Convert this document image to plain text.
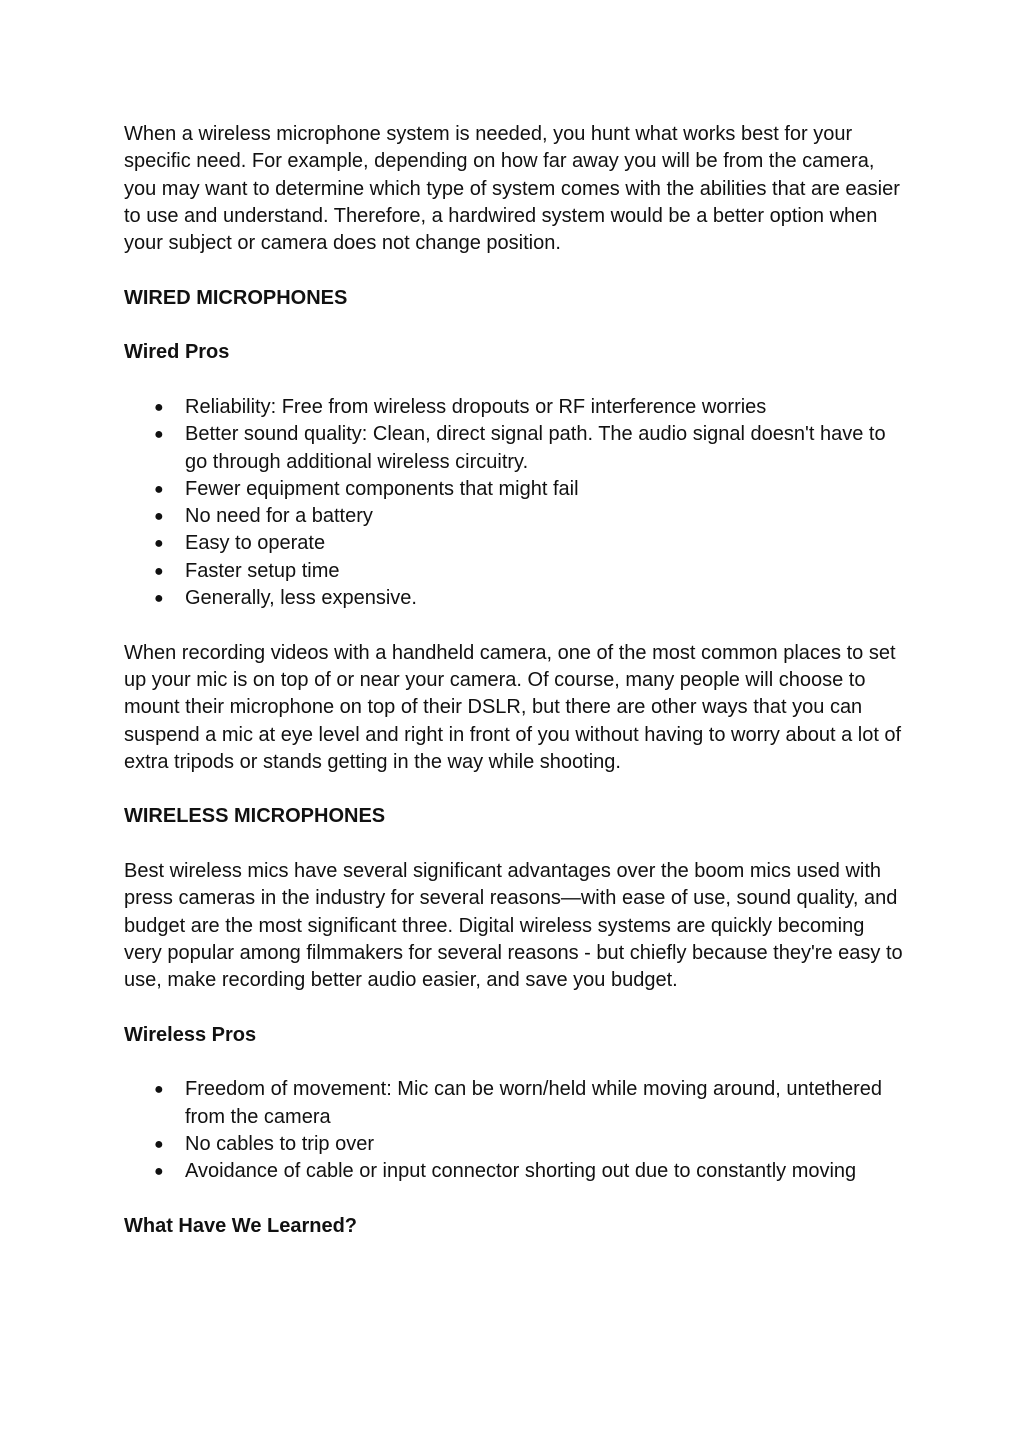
When a wireless microphone system is needed, you hunt what works best for your specific need. For example, depending on how far away you will be from the camera, you may want to determine which type of system comes with the abilities that are easier to use and understand. Therefore, a hardwired system would be a better option when your subject or camera does not change position.

WIRED MICROPHONES

Wired Pros

● Reliability: Free from wireless dropouts or RF interference worries
● Better sound quality: Clean, direct signal path. The audio signal doesn't have to go through additional wireless circuitry.
● Fewer equipment components that might fail
● No need for a battery
● Easy to operate
● Faster setup time
● Generally, less expensive.

When recording videos with a handheld camera, one of the most common places to set up your mic is on top of or near your camera. Of course, many people will choose to mount their microphone on top of their DSLR, but there are other ways that you can suspend a mic at eye level and right in front of you without having to worry about a lot of extra tripods or stands getting in the way while shooting.

WIRELESS MICROPHONES

Best wireless mics have several significant advantages over the boom mics used with press cameras in the industry for several reasons—with ease of use, sound quality, and budget are the most significant three. Digital wireless systems are quickly becoming very popular among filmmakers for several reasons - but chiefly because they're easy to use, make recording better audio easier, and save you budget.

Wireless Pros

● Freedom of movement: Mic can be worn/held while moving around, untethered from the camera
● No cables to trip over
● Avoidance of cable or input connector shorting out due to constantly moving

What Have We Learned?
